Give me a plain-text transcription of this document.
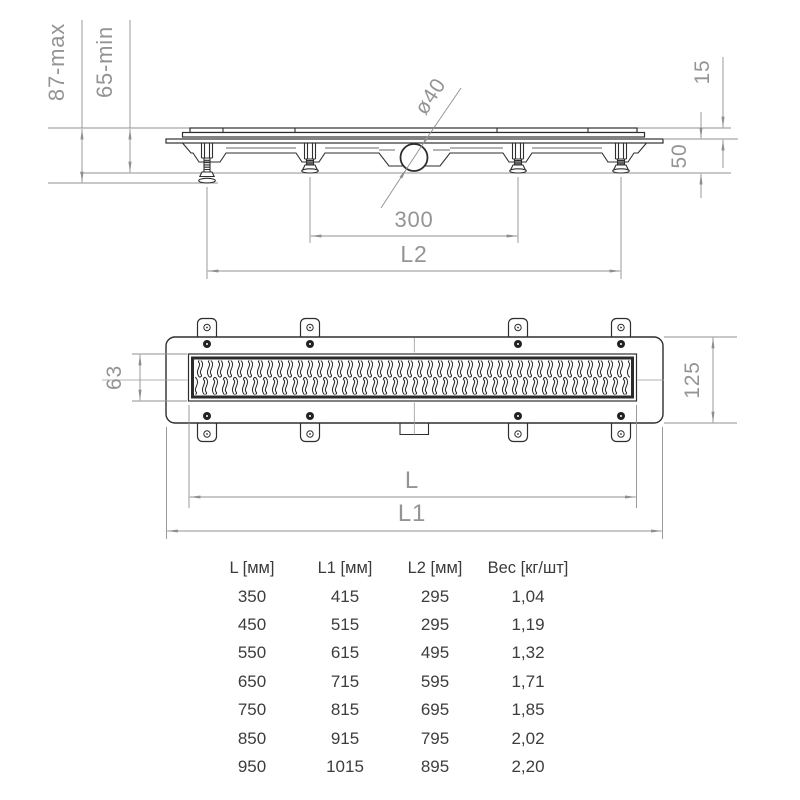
87-max 65-min	15
50
ø40
300
L2
63	125
L
L1
L [мм]	L1 [мм]	L2 [мм]	Вес [кг/шт]
350	415	295	1,04
450	515	295	1,19
550	615	495	1,32
650	715	595	1,71
750	815	695	1,85
850	915	795	2,02
950	1015	895	2,20
